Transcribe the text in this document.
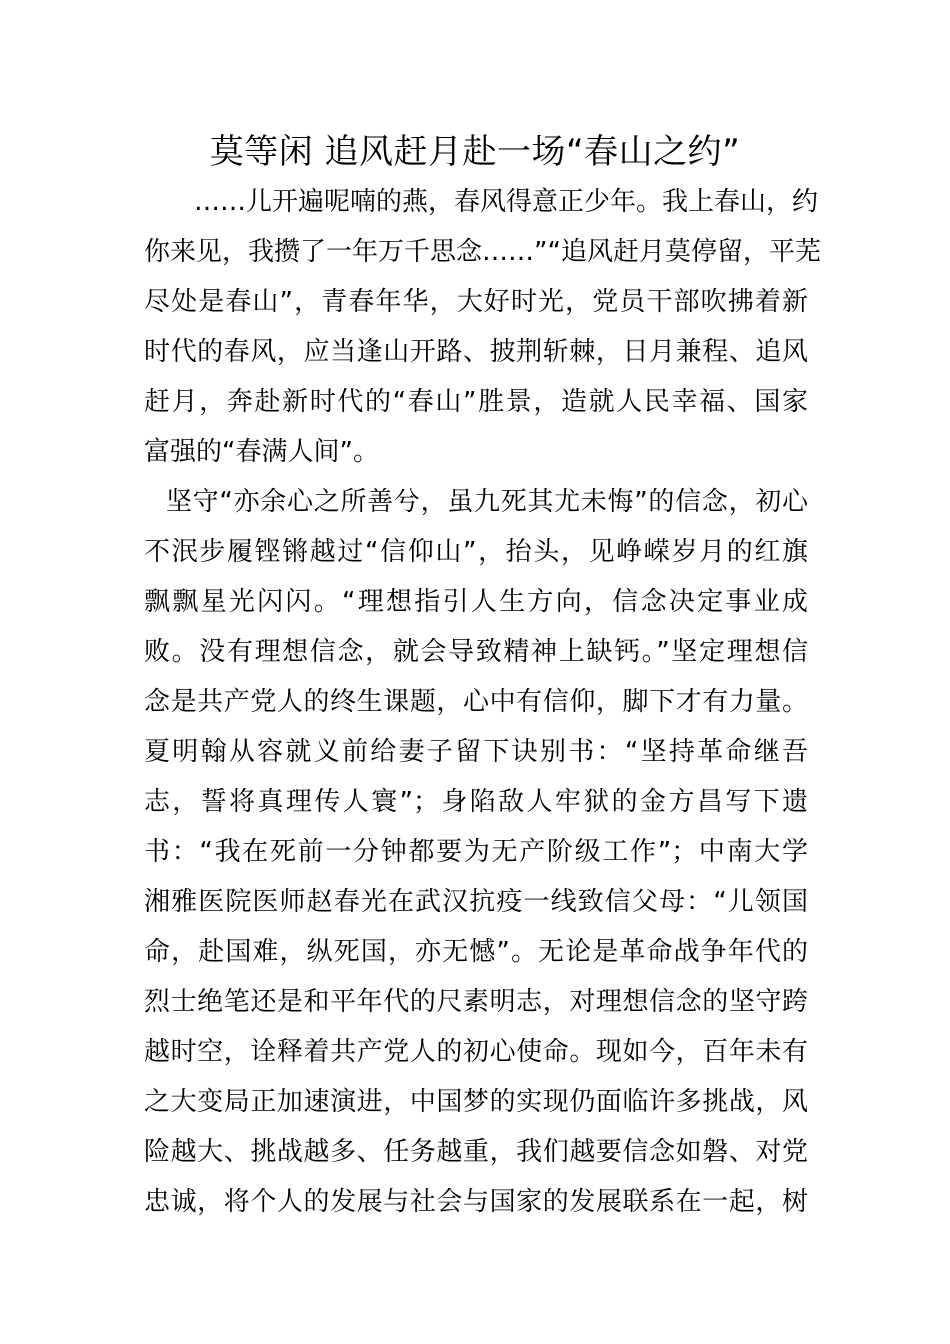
莫等闲 追风赶月赴一场“春山之约”
……儿开遍呢喃的燕，春风得意正少年。我上春山，约
你来见，我攒了一年万千思念……”“追风赶月莫停留，平芜
尽处是春山”，青春年华，大好时光，党员干部吹拂着新
时代的春风，应当逢山开路、披荆斩棘，日月兼程、追风
赶月，奔赴新时代的“春山”胜景，造就人民幸福、国家
富强的“春满人间”。
坚守“亦余心之所善兮，虽九死其尤未悔”的信念，初心
不泯步履铿锵越过“信仰山”，抬头，见峥嵘岁月的红旗
飘飘星光闪闪。“理想指引人生方向，信念决定事业成
败。没有理想信念，就会导致精神上缺钙。”坚定理想信
念是共产党人的终生课题，心中有信仰，脚下才有力量。
夏明翰从容就义前给妻子留下诀别书：“坚持革命继吾
志，誓将真理传人寰”；身陷敌人牢狱的金方昌写下遗
书：“我在死前一分钟都要为无产阶级工作”；中南大学
湘雅医院医师赵春光在武汉抗疫一线致信父母：“儿领国
命，赴国难，纵死国，亦无憾”。无论是革命战争年代的
烈士绝笔还是和平年代的尺素明志，对理想信念的坚守跨
越时空，诠释着共产党人的初心使命。现如今，百年未有
之大变局正加速演进，中国梦的实现仍面临许多挑战，风
险越大、挑战越多、任务越重，我们越要信念如磐、对党
忠诚，将个人的发展与社会与国家的发展联系在一起，树
